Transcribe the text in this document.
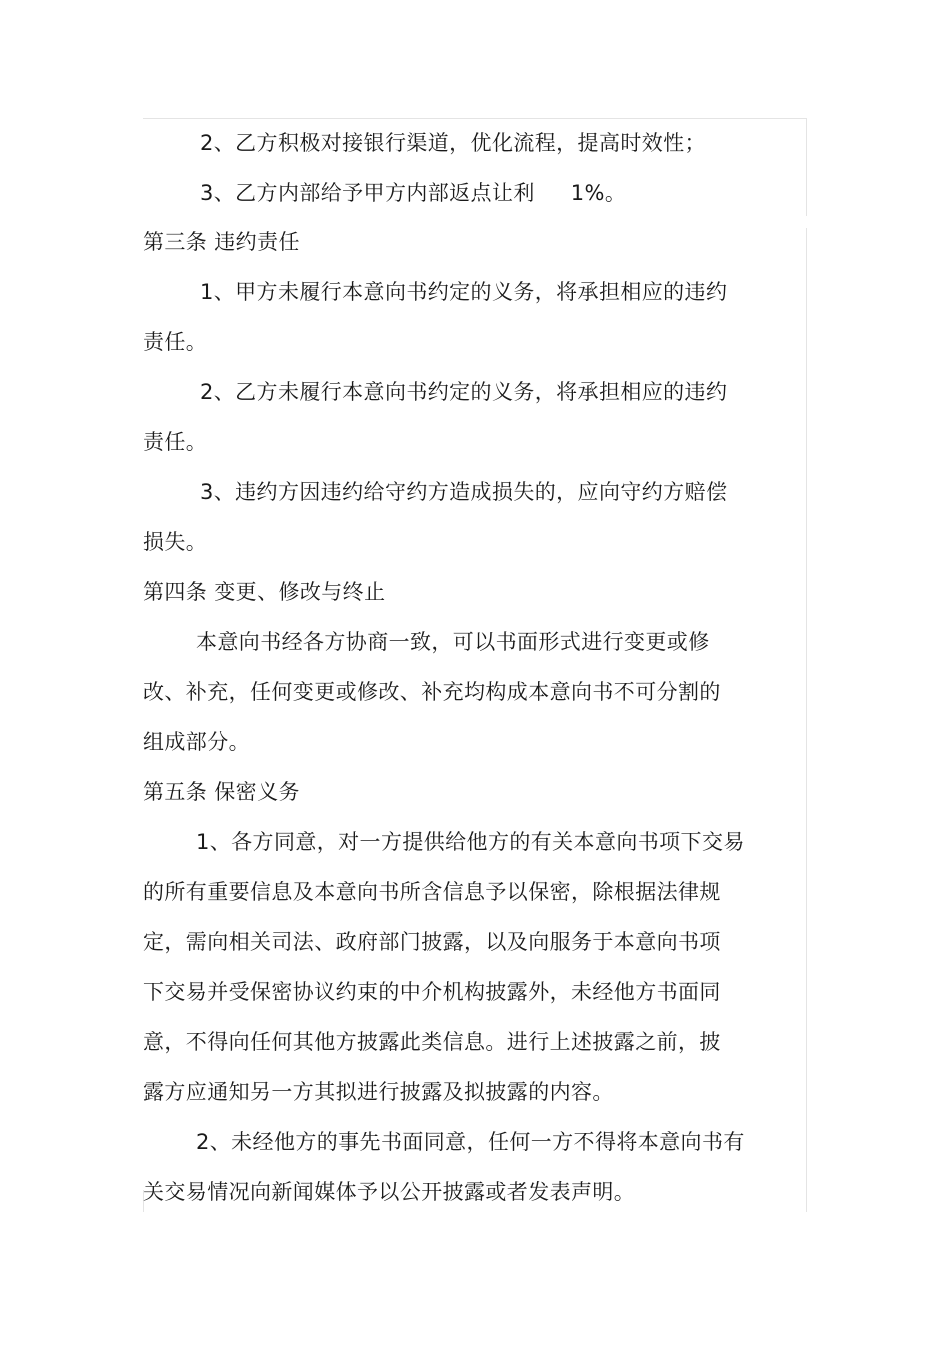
2、乙方积极对接银行渠道，优化流程，提高时效性；
3、乙方内部给予甲方内部返点让利 1%。
第三条 违约责任
1、甲方未履行本意向书约定的义务，将承担相应的违约
责任。
2、乙方未履行本意向书约定的义务，将承担相应的违约
责任。
3、违约方因违约给守约方造成损失的，应向守约方赔偿
损失。
第四条 变更、修改与终止
本意向书经各方协商一致，可以书面形式进行变更或修
改、补充，任何变更或修改、补充均构成本意向书不可分割的
组成部分。
第五条 保密义务
1、各方同意，对一方提供给他方的有关本意向书项下交易
的所有重要信息及本意向书所含信息予以保密，除根据法律规
定，需向相关司法、政府部门披露，以及向服务于本意向书项
下交易并受保密协议约束的中介机构披露外，未经他方书面同
意，不得向任何其他方披露此类信息。进行上述披露之前，披
露方应通知另一方其拟进行披露及拟披露的内容。
2、未经他方的事先书面同意，任何一方不得将本意向书有
关交易情况向新闻媒体予以公开披露或者发表声明。
